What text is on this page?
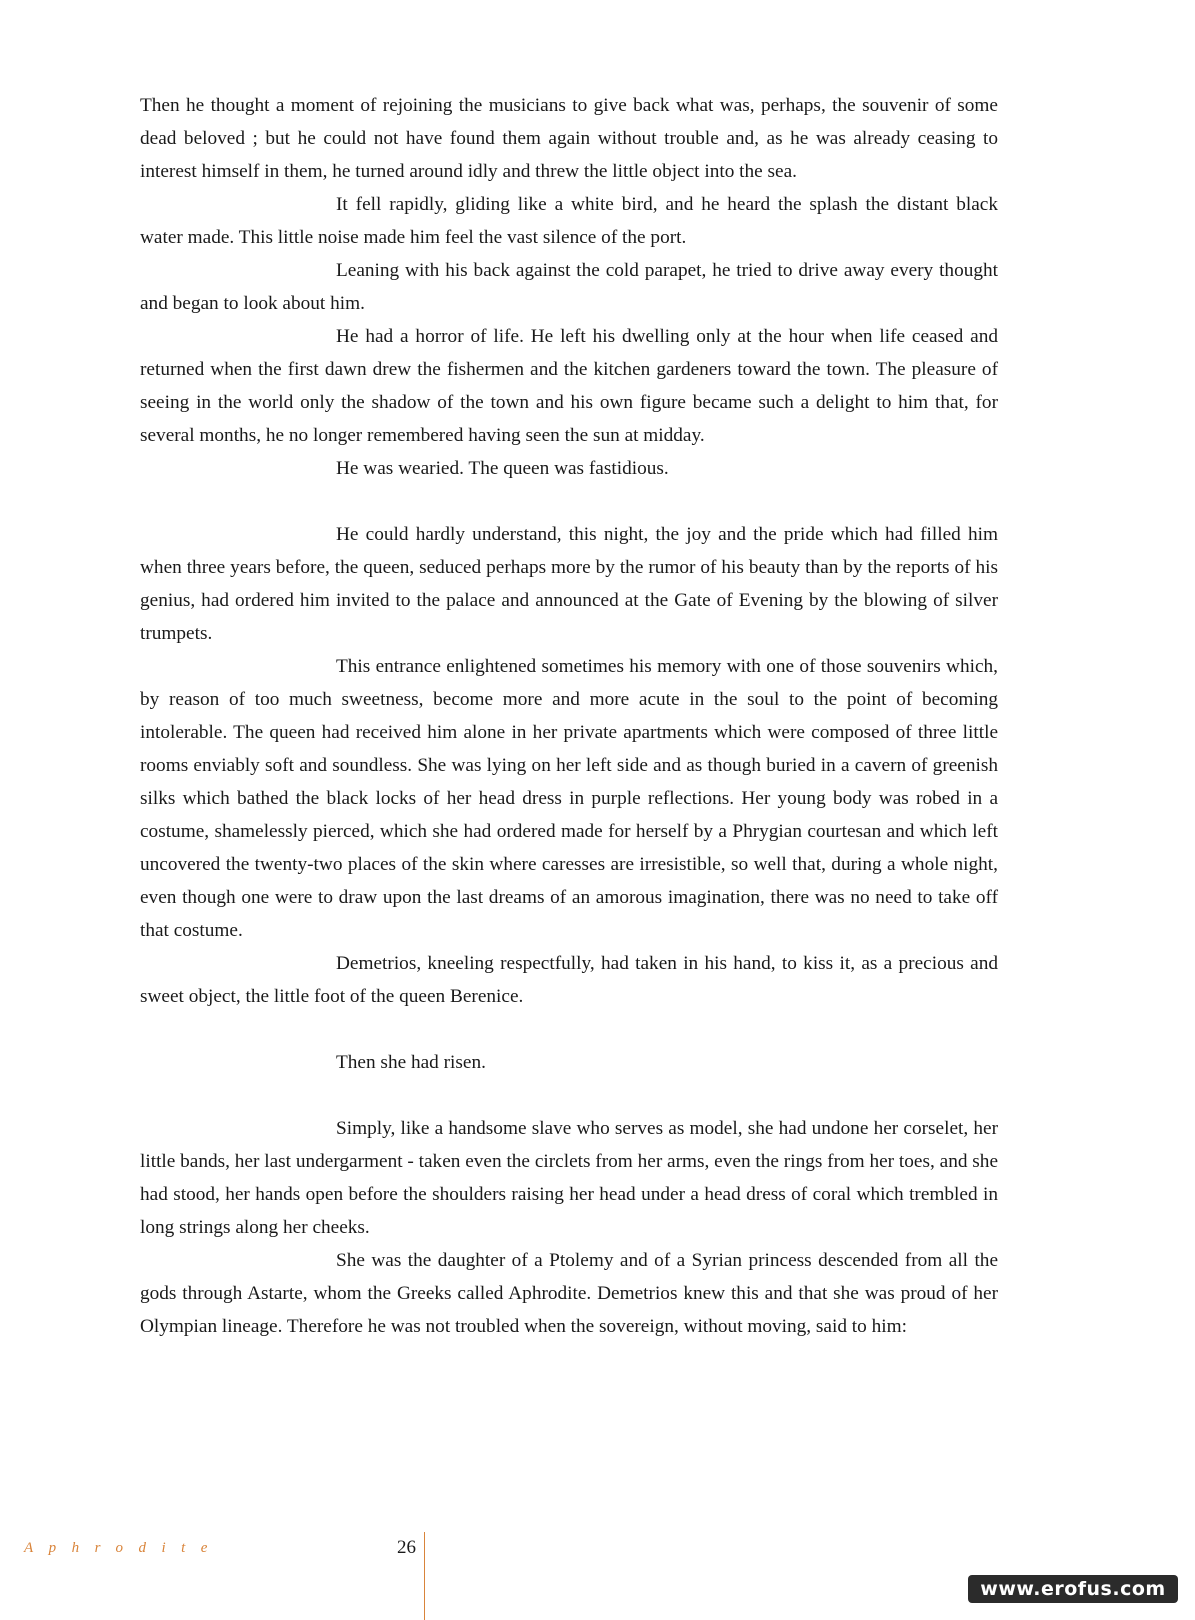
Then he thought a moment of rejoining the musicians to give back what was, perhaps, the souvenir of some dead beloved ; but he could not have found them again without trouble and, as he was already ceasing to interest himself in them, he turned around idly and threw the little object into the sea.

It fell rapidly, gliding like a white bird, and he heard the splash the distant black water made. This little noise made him feel the vast silence of the port.

Leaning with his back against the cold parapet, he tried to drive away every thought and began to look about him.

He had a horror of life. He left his dwelling only at the hour when life ceased and returned when the first dawn drew the fishermen and the kitchen gardeners toward the town. The pleasure of seeing in the world only the shadow of the town and his own figure became such a delight to him that, for several months, he no longer remembered having seen the sun at midday.

He was wearied. The queen was fastidious.

He could hardly understand, this night, the joy and the pride which had filled him when three years before, the queen, seduced perhaps more by the rumor of his beauty than by the reports of his genius, had ordered him invited to the palace and announced at the Gate of Evening by the blowing of silver trumpets.

This entrance enlightened sometimes his memory with one of those souvenirs which, by reason of too much sweetness, become more and more acute in the soul to the point of becoming intolerable. The queen had received him alone in her private apartments which were composed of three little rooms enviably soft and soundless. She was lying on her left side and as though buried in a cavern of greenish silks which bathed the black locks of her head dress in purple reflections. Her young body was robed in a costume, shamelessly pierced, which she had ordered made for herself by a Phrygian courtesan and which left uncovered the twenty-two places of the skin where caresses are irresistible, so well that, during a whole night, even though one were to draw upon the last dreams of an amorous imagination, there was no need to take off that costume.

Demetrios, kneeling respectfully, had taken in his hand, to kiss it, as a precious and sweet object, the little foot of the queen Berenice.

Then she had risen.

Simply, like a handsome slave who serves as model, she had undone her corselet, her little bands, her last undergarment - taken even the circlets from her arms, even the rings from her toes, and she had stood, her hands open before the shoulders raising her head under a head dress of coral which trembled in long strings along her cheeks.

She was the daughter of a Ptolemy and of a Syrian princess descended from all the gods through Astarte, whom the Greeks called Aphrodite. Demetrios knew this and that she was proud of her Olympian lineage. Therefore he was not troubled when the sovereign, without moving, said to him:

Aphrodite	26
www.erofus.com
